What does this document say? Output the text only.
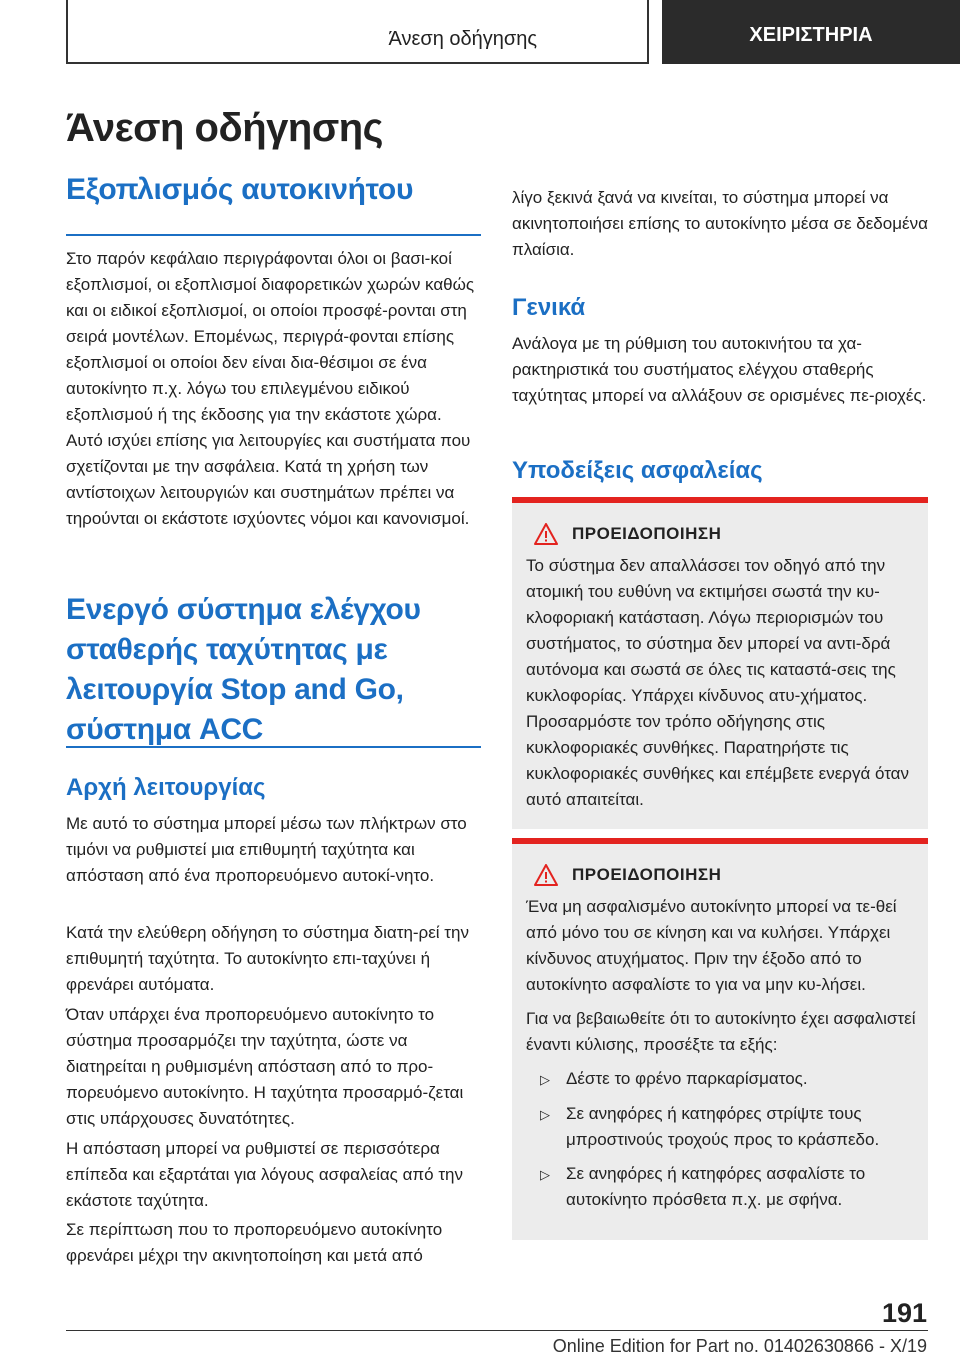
Άνεση οδήγησης	ΧΕΙΡΙΣΤΗΡΙΑ
Άνεση οδήγησης
Εξοπλισμός αυτοκινήτου
Στο παρόν κεφάλαιο περιγράφονται όλοι οι βασι-κοί εξοπλισμοί, οι εξοπλισμοί διαφορετικών χωρών καθώς και οι ειδικοί εξοπλισμοί, οι οποίοι προσφέ-ρονται στη σειρά μοντέλων. Επομένως, περιγρά-φονται επίσης εξοπλισμοί οι οποίοι δεν είναι δια-θέσιμοι σε ένα αυτοκίνητο π.χ. λόγω του επιλεγμένου ειδικού εξοπλισμού ή της έκδοσης για την εκάστοτε χώρα. Αυτό ισχύει επίσης για λειτουργίες και συστήματα που σχετίζονται με την ασφάλεια. Κατά τη χρήση των αντίστοιχων λειτουργιών και συστημάτων πρέπει να τηρούνται οι εκάστοτε ισχύοντες νόμοι και κανονισμοί.
Ενεργό σύστημα ελέγχου σταθερής ταχύτητας με λειτουργία Stop and Go, σύστημα ACC
Αρχή λειτουργίας
Με αυτό το σύστημα μπορεί μέσω των πλήκτρων στο τιμόνι να ρυθμιστεί μια επιθυμητή ταχύτητα και απόσταση από ένα προπορευόμενο αυτοκί-νητο.
Κατά την ελεύθερη οδήγηση το σύστημα διατη-ρεί την επιθυμητή ταχύτητα. Το αυτοκίνητο επι-ταχύνει ή φρενάρει αυτόματα.
Όταν υπάρχει ένα προπορευόμενο αυτοκίνητο το σύστημα προσαρμόζει την ταχύτητα, ώστε να διατηρείται η ρυθμισμένη απόσταση από το προ-πορευόμενο αυτοκίνητο. Η ταχύτητα προσαρμό-ζεται στις υπάρχουσες δυνατότητες.
Η απόσταση μπορεί να ρυθμιστεί σε περισσότερα επίπεδα και εξαρτάται για λόγους ασφαλείας από την εκάστοτε ταχύτητα.
Σε περίπτωση που το προπορευόμενο αυτοκίνητο φρενάρει μέχρι την ακινητοποίηση και μετά από
λίγο ξεκινά ξανά να κινείται, το σύστημα μπορεί να ακινητοποιήσει επίσης το αυτοκίνητο μέσα σε δεδομένα πλαίσια.
Γενικά
Ανάλογα με τη ρύθμιση του αυτοκινήτου τα χα-ρακτηριστικά του συστήματος ελέγχου σταθερής ταχύτητας μπορεί να αλλάξουν σε ορισμένες πε-ριοχές.
Υποδείξεις ασφαλείας
ΠΡΟΕΙΔΟΠΟΙΗΣΗ
Το σύστημα δεν απαλλάσσει τον οδηγό από την ατομική του ευθύνη να εκτιμήσει σωστά την κυ-κλοφοριακή κατάσταση. Λόγω περιορισμών του συστήματος, το σύστημα δεν μπορεί να αντι-δρά αυτόνομα και σωστά σε όλες τις καταστά-σεις της κυκλοφορίας. Υπάρχει κίνδυνος ατυ-χήματος. Προσαρμόστε τον τρόπο οδήγησης στις κυκλοφοριακές συνθήκες. Παρατηρήστε τις κυκλοφοριακές συνθήκες και επέμβετε ενεργά όταν αυτό απαιτείται.
ΠΡΟΕΙΔΟΠΟΙΗΣΗ
Ένα μη ασφαλισμένο αυτοκίνητο μπορεί να τε-θεί από μόνο του σε κίνηση και να κυλήσει. Υπάρχει κίνδυνος ατυχήματος. Πριν την έξοδο από το αυτοκίνητο ασφαλίστε το για να μην κυ-λήσει.
Για να βεβαιωθείτε ότι το αυτοκίνητο έχει ασφαλιστεί έναντι κύλισης, προσέξτε τα εξής:
▷ Δέστε το φρένο παρκαρίσματος.
▷ Σε ανηφόρες ή κατηφόρες στρίψτε τους μπροστινούς τροχούς προς το κράσπεδο.
▷ Σε ανηφόρες ή κατηφόρες ασφαλίστε το αυτοκίνητο πρόσθετα π.χ. με σφήνα.
191
Online Edition for Part no. 01402630866 - X/19
